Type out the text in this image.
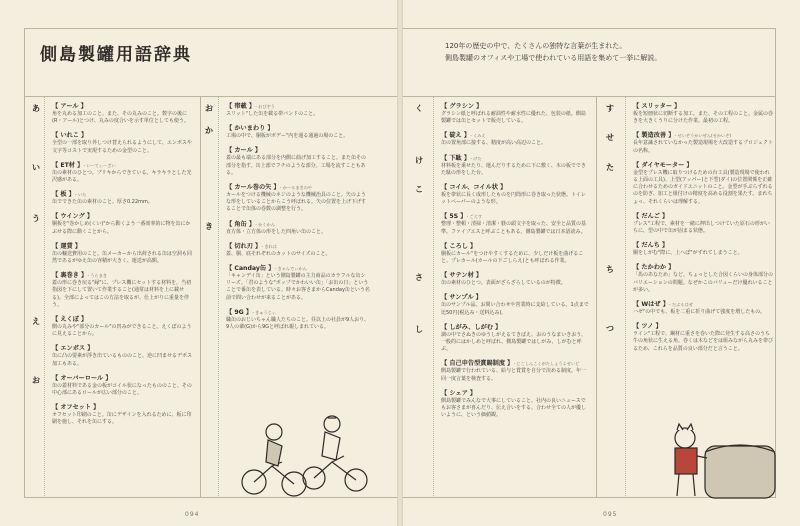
側島製罐用語辞典
【 アール 】
角を丸める加工のこと。また、その丸みのこと。数字の後に(R・アール)とつけ、丸みの度合いを示す単位としても使う。
【 いれこ 】
全型の一部を取り外しつけ替えられるようにして、エンボスや文字等コストで実現するための金型のこと。
【 ET材 】 ・いーてぃーざい
缶の素材のひとつ。ブリキからできている。キラキラとした光沢感がある。
【 板 】 ・いた
缶でできた缶の素材のこと。厚さ0.22mm。
【 ウイング 】
胴板を"巻かしめ(くい)"から動くよう一番効率的に物を缶にかぶせる際に動くことから。
【 運賃 】
缶の輸送費用のこと。缶メーカーから出荷される缶は空洞も同然であるがゆえ缶の容積が大きく、運送が高額。
【 裏巻き 】 ・うらまき
蓋の形に巻き戻る"縁"に、プレス機にセットする材料を。当初指図を下にして置いて作業すること(通常は材料を上に載せる)。全部によってはこの方法を取るが、仕上がりに重量を伴う。
【 えくぼ 】
側の丸みや"部分のカール"の凹みができること。えくぼのように見えることから。
【 エンボス 】
缶に凸の要素が浮き出ているもののこと。逆に凹ませるデボス加工もある。
【 オーバーロール 】
缶の蓋材料である金の板がコイル状になったもののこと。その中心部にあるロールが広い部分のこと。
【 オフセット 】
オフセット印刷のこと。缶にデザインを入れるために、板に印刷を施し、それを缶にする。
【 帯載 】 ・おびぞう
スリット"した缶を載る帯バンドのこと。
【 かいまわり 】
工場の中で、胴板がボデー"内を通る通過の場のこと。
【 カール 】
蓋の最も端にある部分を内側に曲げ加工すること。また缶その部分を指す。缶上部でフチのような部分。工場を流すこともある。
【 カール巻の矢 】 ・かーるまきのや
カールをつける機械のネジのような機械治具のこと。矢のような形をしていることからこう呼ばれる。矢の位置を上げ下げすることで缶体の巻数の調整を行う。
【 角缶 】 ・かくかん
直方体・立方体の形をした四角い缶のこと。
【 切れ刃 】 ・きれは
蓋、胴、底それぞれのカットのサイズのこと。
【 Canday缶 】 ・きゃんでぃかん
「キャンデイ缶」という側島製罐の主力商品のカラフルな缶シリーズ。「君のような"ボップでかわいい缶」「お缶の日」ということで番缶を表している。時々お客さまからCanday缶という名前で問い合わせが来ることがある。
【 9G 】 ・きゅうじぃ
職缶のおじいちゃん職人たちのこと。昼以上の社員が9人おり、9人の輩(G)から9Gと呼ばれ親しまれている。
094
あ
い
う
え
お
お
か
き
120年の歴史の中で、たくさんの独特な言葉が生まれた。
側島製罐のオフィスや工場で使われている用語を集めて一挙に解説。
【 グラシン 】
グラシン紙と呼ばれる耐油性や耐水性に優れた、包装の紙。側島製罐では缶とセットで販売している。
【 碇え 】 ・くみえ
缶の置角部に接する、精度が高い高辺のこと。
【 下駄 】 ・げた
材料板を乗せたり、運んだりするために下に敷く、木の板でできた駄の形をした台。
【 コイル、コイル状 】
板を帯状に長く成形したものを円筒形に巻き取った状態。トイレットペーパーのような形。
【 5S 】 ・ごえす
整理・整頓・清掃・清潔・躾の頭文字を取った、安全と品質の基準。ファイブエスと呼ぶこともある。側島製罐では日本語読み。
【 ころし 】
胴板にカール"をつけやすくするために、少しだけ板を曲げること。プレカール(カールの下ごしらえ)とも呼ばれる作業。
【 サテン材 】
缶の素材のひとつ。表面がざらざらしているのが特徴。
【 サンプル 】
缶のサンプル品。お問い合わせや営業時に支給している。1点まで比50円(税込み・送料込み)。
【 しがみ、しがむ 】
調の中でさぬきのゆうしがえるてきばえ、おのうなまいきおう、一般的にはかしめと呼ばれ、側島製罐ではしがみ、しがむと呼ぶ。
【 自己申告型賞賜制度 】 ・じこしんこくがたしょうよせいど
側島製罐で行われている、給与と賞賞を自分で決める制度。年一回一度言葉を検査する。
【 シェア 】
側島製罐でみんなで大事にしていること。社内の良いニュースでもお客さまが喜んだり、伝え合いをする。合わせ全ての人が優しいように、という価値観。
【 スリッター 】
板を短冊状に切断する加工。また、その工程のこと。金属の巻きを大きくうりに分けた作業、最初の工程。
【 製造改善 】 ・せいぞうかいぜん(せかいぞ)
長年意識されていなかった製造現場を大改造するプロジェクトの名称。
【 ダイヤモーター 】
金型をプレス機に取りつけるための台工具(製造現場で使われる上面の工具)、上型(アッパー)と下型(ダイ)の位置関係を正確に合わせるためのガイドユニットのこと。金型が手ぶらずれるのを防ぎ、加工と組付けの精度を高める役割を果たす。まれちょっ、それくらいは理解する。
【 だんご 】
プレス"工程で、素材を一緒に押出しつけていた原石の形がいちに、型の中で缶が固まる状態。
【 だんち 】
胴をしがむ"際に、上へぼ"がずれてしまうこと。
【 たかわか 】
「馬のあなため」など、ちょっとした合図くらいの身体部分のバリエーションの問題。なぜかこのバリューだけ優れいることが多い。
【 Wはぜ 】 ・だぶるはぜ
ハゼ"の中でも、板を二重に折り曲げて強度を増したもの。
【 ツノ 】
ライン"工程で、鋼材に重さを巻いた際に発生する高さのうち牛の角状に生える角。巻くは木などをは組みながら丸みを帯びるため、これらを品質の良い部分だと言うこと。
095
く
け
こ
さ
し
す
せ
た
ち
つ
